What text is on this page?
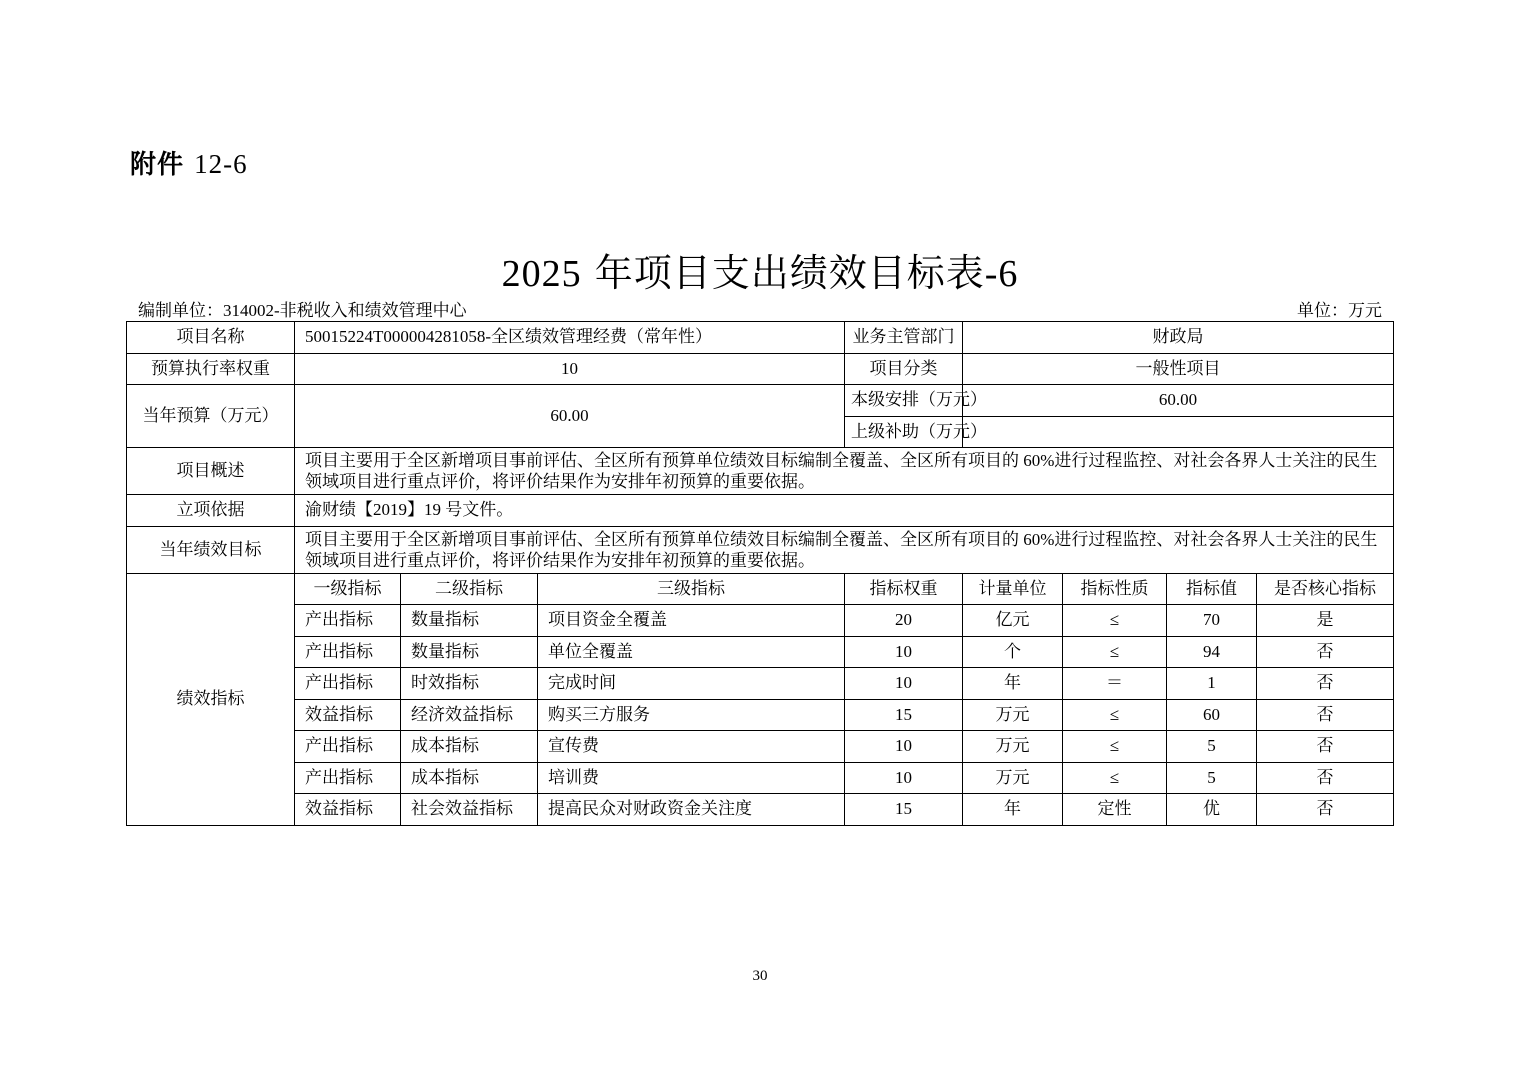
附件 12-6
2025 年项目支出绩效目标表-6
编制单位：314002-非税收入和绩效管理中心	单位：万元
项目名称	50015224T000004281058-全区绩效管理经费（常年性）			业务主管部门	财政局			
预算执行率权重	10			项目分类	一般性项目			
当年预算（万元）	60.00			本级安排（万元）	60.00			
				上级补助（万元）				
项目概述	项目主要用于全区新增项目事前评估、全区所有预算单位绩效目标编制全覆盖、全区所有项目的 60%进行过程监控、对社会各界人士关注的民生领域项目进行重点评价，将评价结果作为安排年初预算的重要依据。							
立项依据	渝财绩【2019】19 号文件。							
当年绩效目标	项目主要用于全区新增项目事前评估、全区所有预算单位绩效目标编制全覆盖、全区所有项目的 60%进行过程监控、对社会各界人士关注的民生领域项目进行重点评价，将评价结果作为安排年初预算的重要依据。							
绩效指标	一级指标	二级指标	三级指标	指标权重	计量单位	指标性质	指标值	是否核心指标
	产出指标	数量指标	项目资金全覆盖	20	亿元	≤	70	是
	产出指标	数量指标	单位全覆盖	10	个	≤	94	否
	产出指标	时效指标	完成时间	10	年	＝	1	否
	效益指标	经济效益指标	购买三方服务	15	万元	≤	60	否
	产出指标	成本指标	宣传费	10	万元	≤	5	否
	产出指标	成本指标	培训费	10	万元	≤	5	否
	效益指标	社会效益指标	提高民众对财政资金关注度	15	年	定性	优	否
30
